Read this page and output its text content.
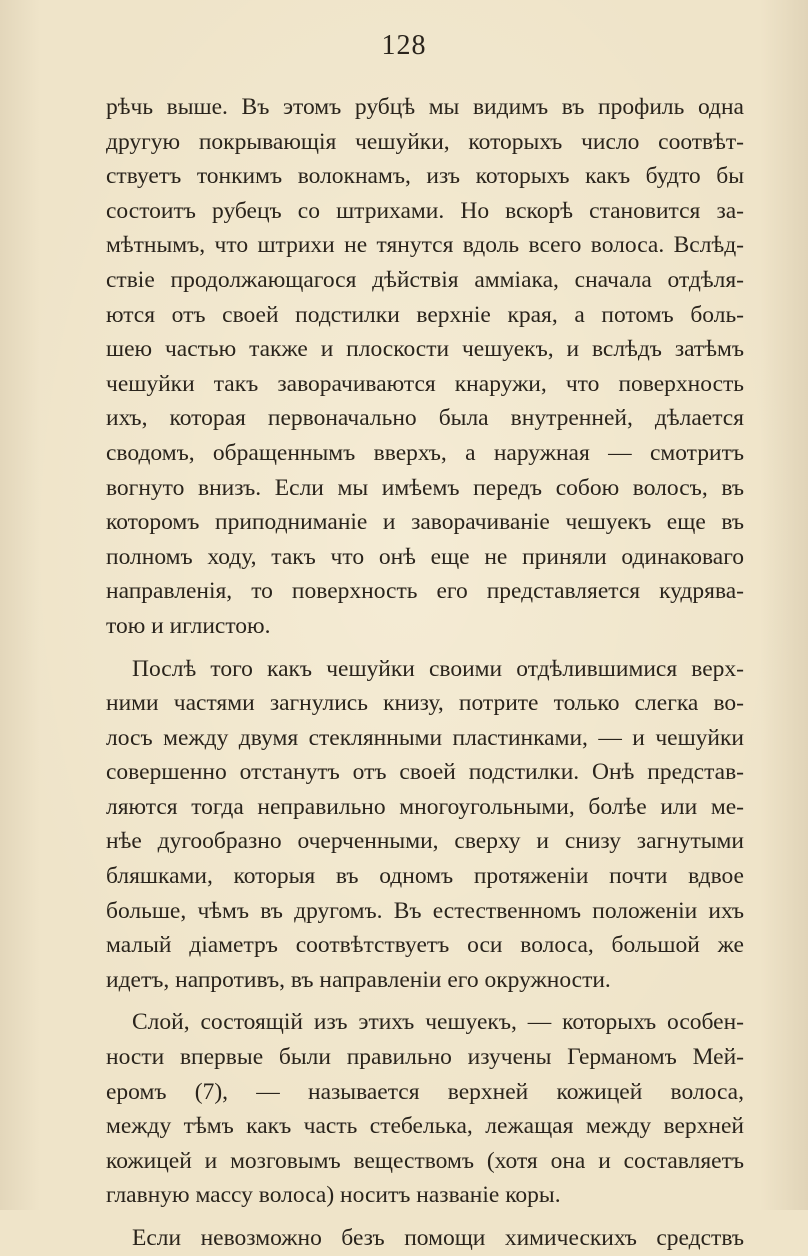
128
рѣчь выше. Въ этомъ рубцѣ мы видимъ въ профиль одна
другую покрывающія чешуйки, которыхъ число соотвѣт-
ствуетъ тонкимъ волокнамъ, изъ которыхъ какъ будто бы
состоитъ рубецъ со штрихами. Но вскорѣ становится за-
мѣтнымъ, что штрихи не тянутся вдоль всего волоса. Вслѣд-
ствіе продолжающагося дѣйствія амміака, сначала отдѣля-
ются отъ своей подстилки верхніе края, а потомъ боль-
шею частью также и плоскости чешуекъ, и вслѣдъ затѣмъ
чешуйки такъ заворачиваются кнаружи, что поверхность
ихъ, которая первоначально была внутренней, дѣлается
сводомъ, обращеннымъ вверхъ, а наружная — смотритъ
вогнуто внизъ. Если мы имѣемъ передъ собою волосъ, въ
которомъ приподниманіе и заворачиваніе чешуекъ еще въ
полномъ ходу, такъ что онѣ еще не приняли одинаковаго
направленія, то поверхность его представляется кудрява-
тою и иглистою.
Послѣ того какъ чешуйки своими отдѣлившимися верх-
ними частями загнулись книзу, потрите только слегка во-
лосъ между двумя стеклянными пластинками, — и чешуйки
совершенно отстанутъ отъ своей подстилки. Онѣ представ-
ляются тогда неправильно многоугольными, болѣе или ме-
нѣе дугообразно очерченными, сверху и снизу загнутыми
бляшками, которыя въ одномъ протяженіи почти вдвое
больше, чѣмъ въ другомъ. Въ естественномъ положеніи ихъ
малый діаметръ соотвѣтствуетъ оси волоса, большой же
идетъ, напротивъ, въ направленіи его окружности.
Слой, состоящій изъ этихъ чешуекъ, — которыхъ особен-
ности впервые были правильно изучены Германомъ Мей-
еромъ (7), — называется верхней кожицей волоса,
между тѣмъ какъ часть стебелька, лежащая между верхней
кожицей и мозговымъ веществомъ (хотя она и составляетъ
главную массу волоса) носитъ названіе коры.
Если невозможно безъ помощи химическихъ средствъ
